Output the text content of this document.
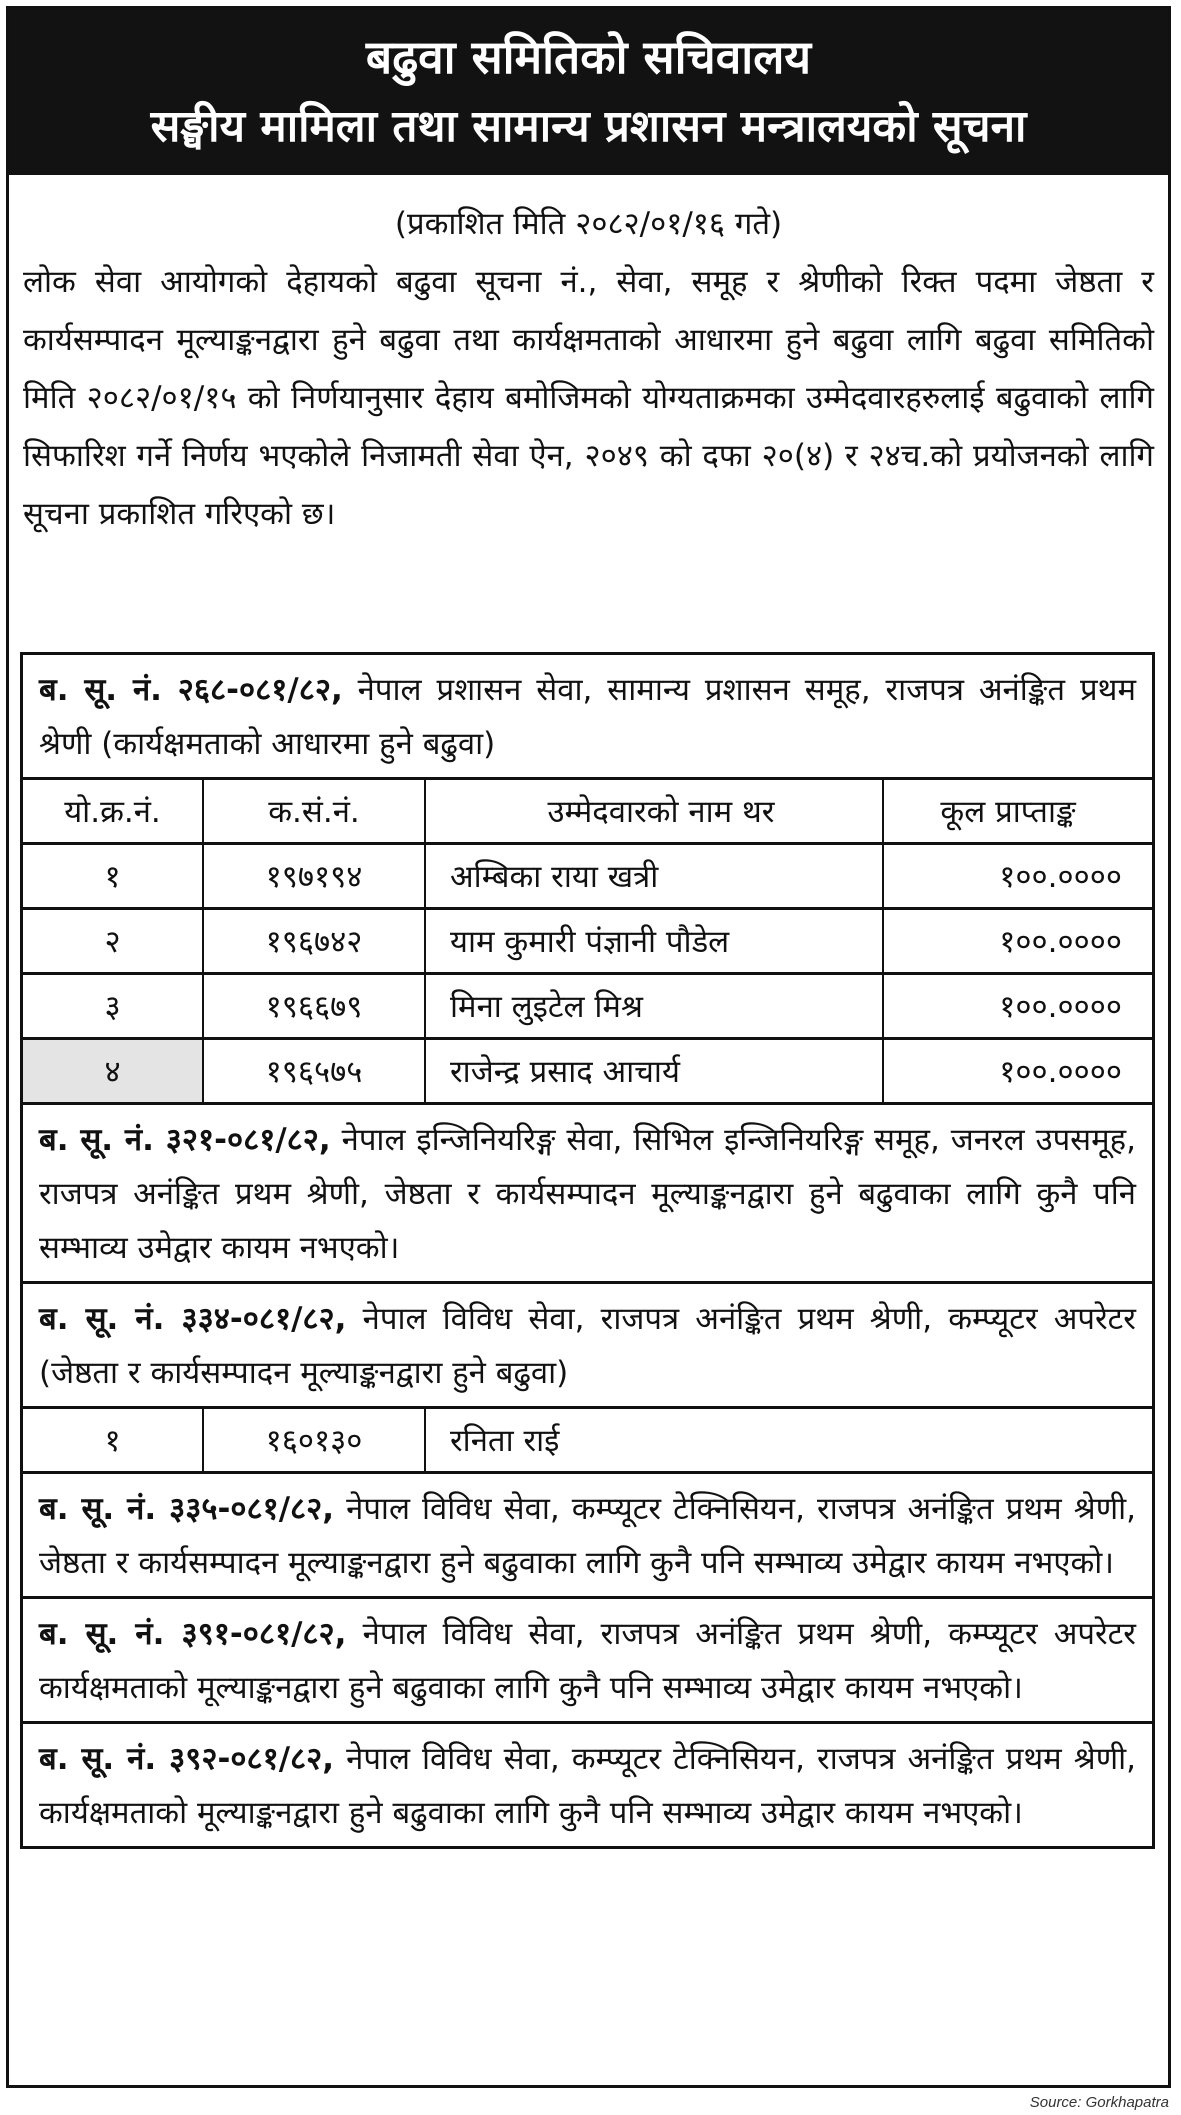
बढुवा समितिको सचिवालय
सङ्घीय मामिला तथा सामान्य प्रशासन मन्त्रालयको सूचना
(प्रकाशित मिति २०८२/०१/१६ गते)
लोक सेवा आयोगको देहायको बढुवा सूचना नं., सेवा, समूह र श्रेणीको रिक्त पदमा जेष्ठता र कार्यसम्पादन मूल्याङ्कनद्वारा हुने बढुवा तथा कार्यक्षमताको आधारमा हुने बढुवा लागि बढुवा समितिको मिति २०८२/०१/१५ को निर्णयानुसार देहाय बमोजिमको योग्यताक्रमका उम्मेदवारहरुलाई बढुवाको लागि सिफारिश गर्ने निर्णय भएकोले निजामती सेवा ऐन, २०४९ को दफा २०(४) र २४च.को प्रयोजनको लागि सूचना प्रकाशित गरिएको छ।
ब. सू. नं. २६८-०८१/८२, नेपाल प्रशासन सेवा, सामान्य प्रशासन समूह, राजपत्र अनंङ्कित प्रथम श्रेणी (कार्यक्षमताको आधारमा हुने बढुवा)
यो.क्र.नं.	क.सं.नं.	उम्मेदवारको नाम थर	कूल प्राप्ताङ्क
१	१९७१९४	अम्बिका राया खत्री	१००.००००
२	१९६७४२	याम कुमारी पंज्ञानी पौडेल	१००.००००
३	१९६६७९	मिना लुइटेल मिश्र	१००.००००
४	१९६५७५	राजेन्द्र प्रसाद आचार्य	१००.००००
ब. सू. नं. ३२१-०८१/८२, नेपाल इन्जिनियरिङ्ग सेवा, सिभिल इन्जिनियरिङ्ग समूह, जनरल उपसमूह, राजपत्र अनंङ्कित प्रथम श्रेणी, जेष्ठता र कार्यसम्पादन मूल्याङ्कनद्वारा हुने बढुवाका लागि कुनै पनि सम्भाव्य उमेद्वार कायम नभएको।
ब. सू. नं. ३३४-०८१/८२, नेपाल विविध सेवा, राजपत्र अनंङ्कित प्रथम श्रेणी, कम्प्यूटर अपरेटर (जेष्ठता र कार्यसम्पादन मूल्याङ्कनद्वारा हुने बढुवा)
१	१६०१३०	रनिता राई
ब. सू. नं. ३३५-०८१/८२, नेपाल विविध सेवा, कम्प्यूटर टेक्निसियन, राजपत्र अनंङ्कित प्रथम श्रेणी, जेष्ठता र कार्यसम्पादन मूल्याङ्कनद्वारा हुने बढुवाका लागि कुनै पनि सम्भाव्य उमेद्वार कायम नभएको।
ब. सू. नं. ३९१-०८१/८२, नेपाल विविध सेवा, राजपत्र अनंङ्कित प्रथम श्रेणी, कम्प्यूटर अपरेटर कार्यक्षमताको मूल्याङ्कनद्वारा हुने बढुवाका लागि कुनै पनि सम्भाव्य उमेद्वार कायम नभएको।
ब. सू. नं. ३९२-०८१/८२, नेपाल विविध सेवा, कम्प्यूटर टेक्निसियन, राजपत्र अनंङ्कित प्रथम श्रेणी, कार्यक्षमताको मूल्याङ्कनद्वारा हुने बढुवाका लागि कुनै पनि सम्भाव्य उमेद्वार कायम नभएको।
Source: Gorkhapatra
